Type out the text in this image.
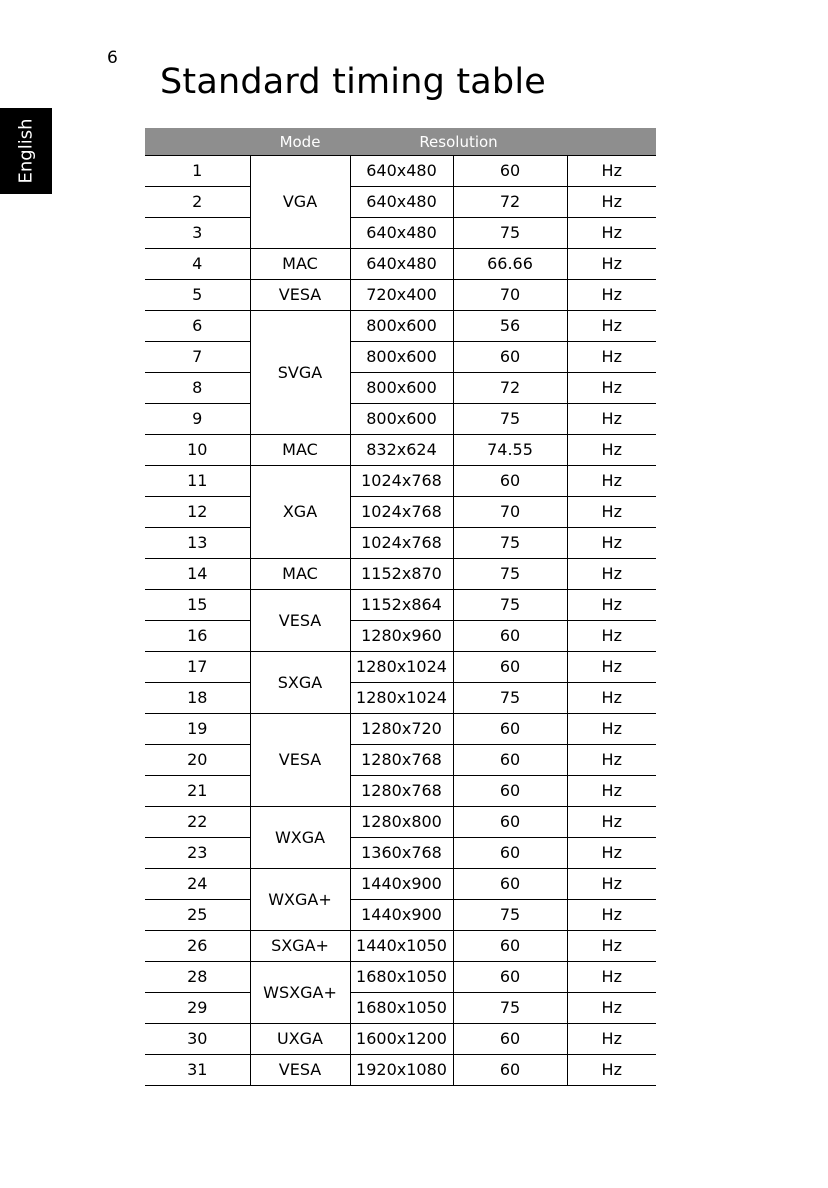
6
Standard timing table
English
		Mode	Resolution		
1	VGA	640x480	60	Hz
2		640x480	72	Hz
3		640x480	75	Hz
4	MAC	640x480	66.66	Hz
5	VESA	720x400	70	Hz
6	SVGA	800x600	56	Hz
7		800x600	60	Hz
8		800x600	72	Hz
9		800x600	75	Hz
10	MAC	832x624	74.55	Hz
11	XGA	1024x768	60	Hz
12		1024x768	70	Hz
13		1024x768	75	Hz
14	MAC	1152x870	75	Hz
15	VESA	1152x864	75	Hz
16		1280x960	60	Hz
17	SXGA	1280x1024	60	Hz
18		1280x1024	75	Hz
19	VESA	1280x720	60	Hz
20		1280x768	60	Hz
21		1280x768	60	Hz
22	WXGA	1280x800	60	Hz
23		1360x768	60	Hz
24	WXGA+	1440x900	60	Hz
25		1440x900	75	Hz
26	SXGA+	1440x1050	60	Hz
28	WSXGA+	1680x1050	60	Hz
29		1680x1050	75	Hz
30	UXGA	1600x1200	60	Hz
31	VESA	1920x1080	60	Hz
